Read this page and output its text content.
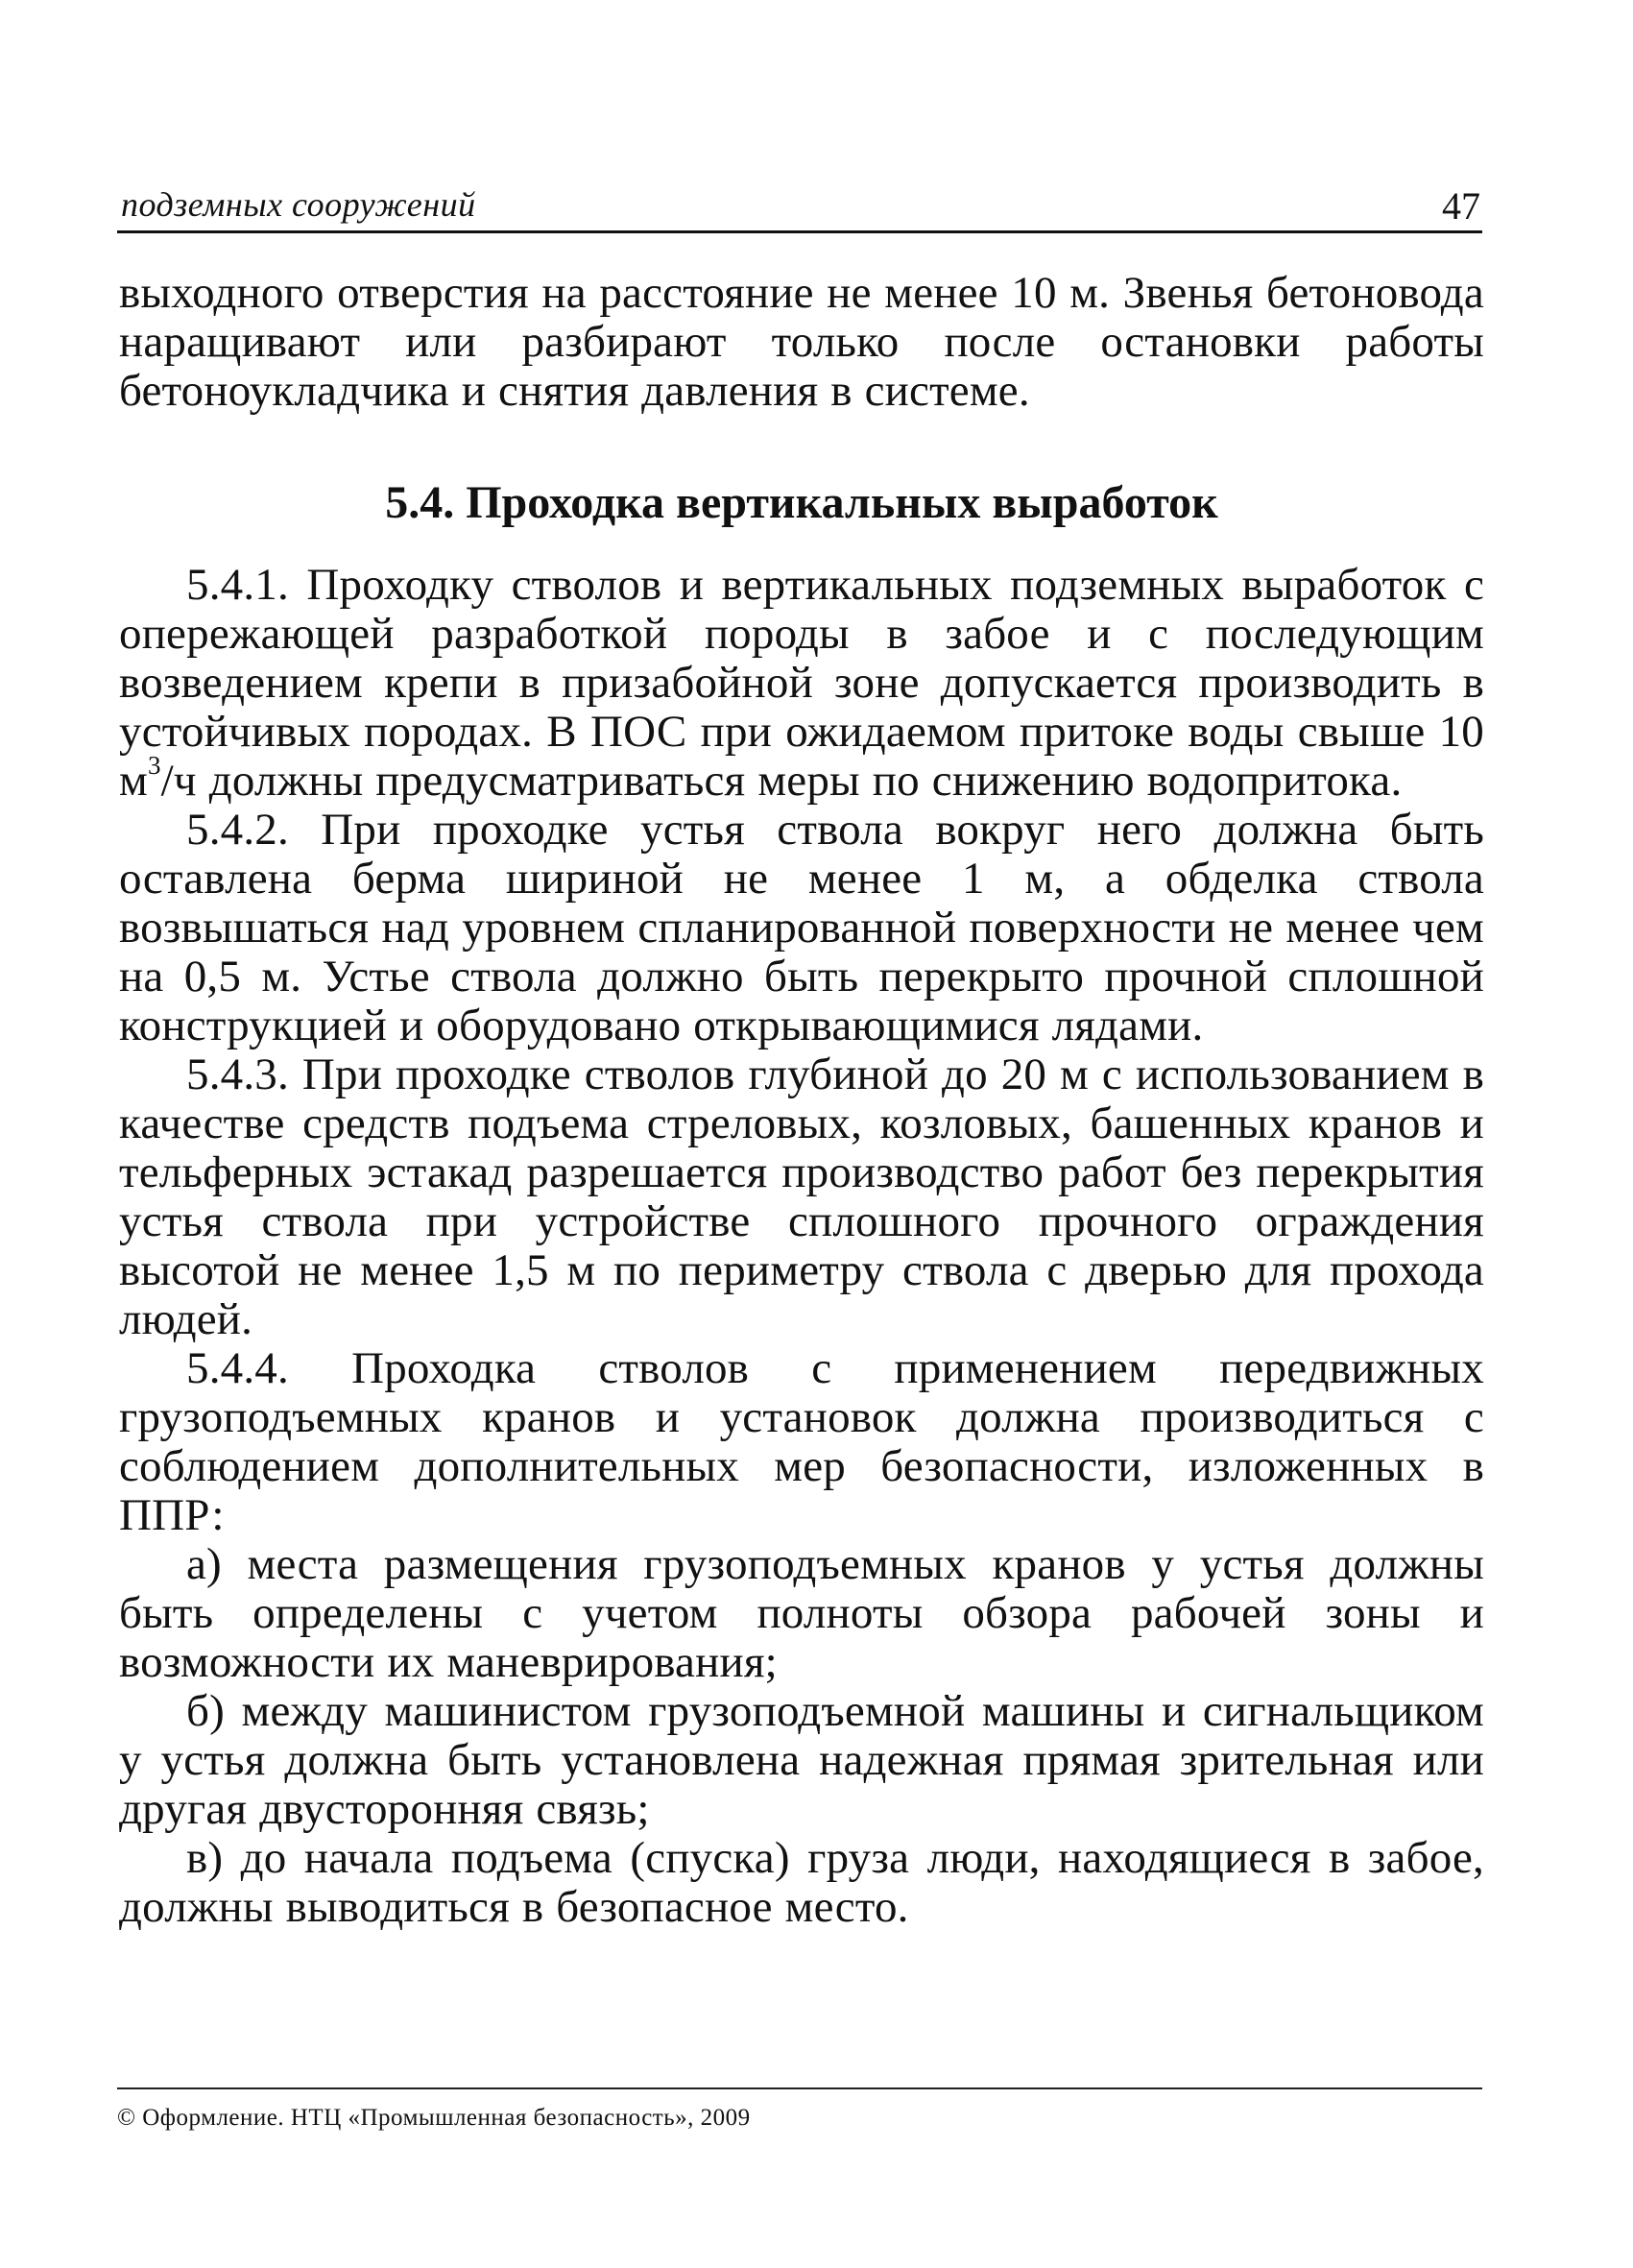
подземных сооружений	47

выходного отверстия на расстояние не менее 10 м. Звенья бетоновода наращивают или разбирают только после остановки работы бетоноукладчика и снятия давления в системе.

5.4. Проходка вертикальных выработок

5.4.1. Проходку стволов и вертикальных подземных выработок с опережающей разработкой породы в забое и с последующим возведением крепи в призабойной зоне допускается производить в устойчивых породах. В ПОС при ожидаемом притоке воды свыше 10 $м^3/ч$ должны предусматриваться меры по снижению водопритока.

5.4.2. При проходке устья ствола вокруг него должна быть оставлена берма шириной не менее 1 м, а обделка ствола возвышаться над уровнем спланированной поверхности не менее чем на 0,5 м. Устье ствола должно быть перекрыто прочной сплошной конструкцией и оборудовано открывающимися лядами.

5.4.3. При проходке стволов глубиной до 20 м с использованием в качестве средств подъема стреловых, козловых, башенных кранов и тельферных эстакад разрешается производство работ без перекрытия устья ствола при устройстве сплошного прочного ограждения высотой не менее 1,5 м по периметру ствола с дверью для прохода людей.

5.4.4. Проходка стволов с применением передвижных грузоподъемных кранов и установок должна производиться с соблюдением дополнительных мер безопасности, изложенных в ППР:

а) места размещения грузоподъемных кранов у устья должны быть определены с учетом полноты обзора рабочей зоны и возможности их маневрирования;

б) между машинистом грузоподъемной машины и сигнальщиком у устья должна быть установлена надежная прямая зрительная или другая двусторонняя связь;

в) до начала подъема (спуска) груза люди, находящиеся в забое, должны выводиться в безопасное место.

© Оформление. НТЦ «Промышленная безопасность», 2009
